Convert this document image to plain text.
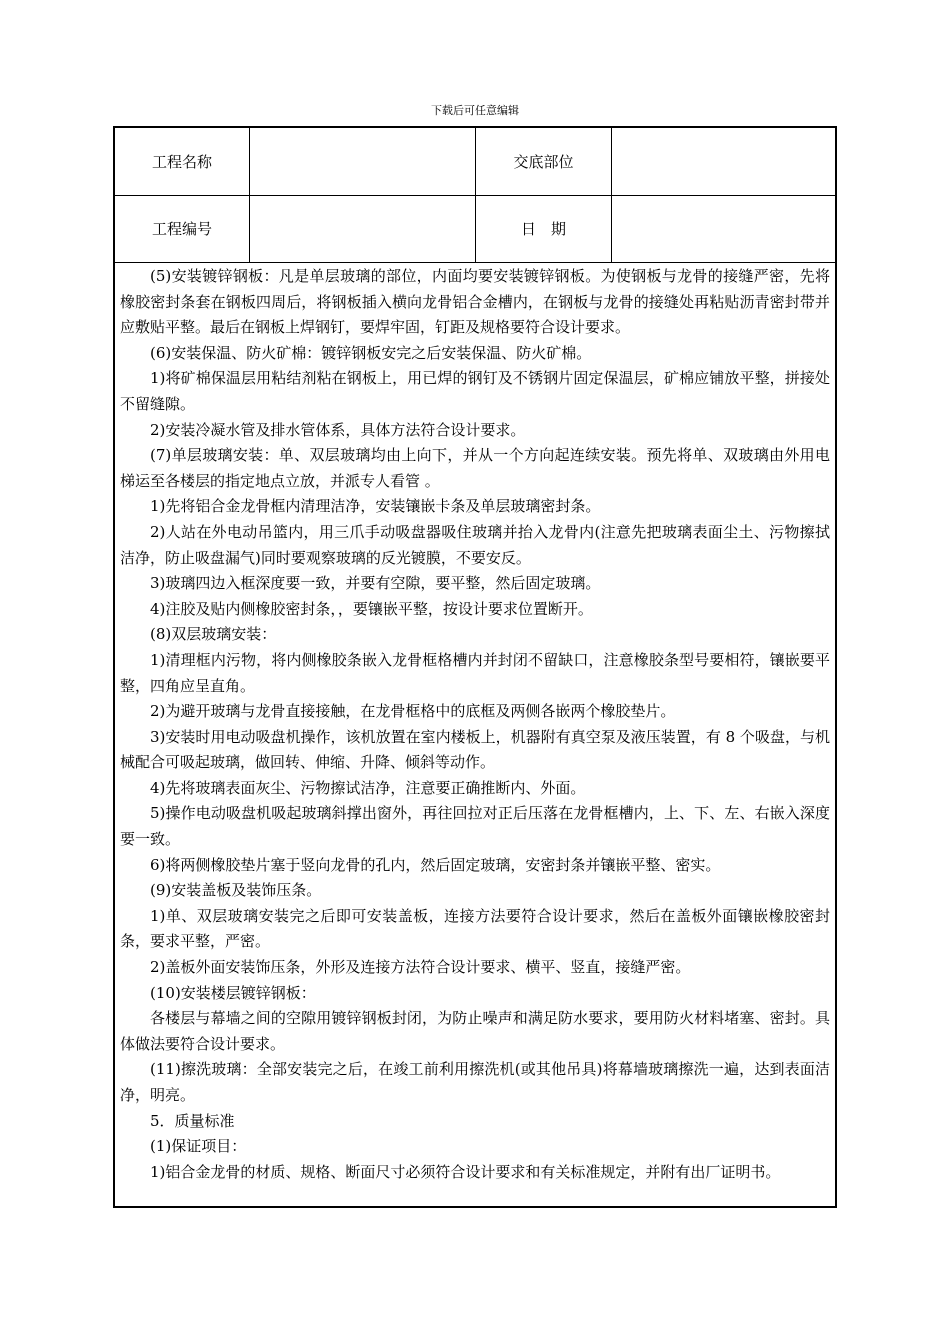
下载后可任意编辑
工程名称	交底部位
工程编号	日　期

(5)安装镀锌钢板：凡是单层玻璃的部位，内面均要安装镀锌钢板。为使钢板与龙骨的接缝严密，先将橡胶密封条套在钢板四周后，将钢板插入横向龙骨铝合金槽内，在钢板与龙骨的接缝处再粘贴沥青密封带并应敷贴平整。最后在钢板上焊钢钉，要焊牢固，钉距及规格要符合设计要求。

(6)安装保温、防火矿棉：镀锌钢板安完之后安装保温、防火矿棉。

1)将矿棉保温层用粘结剂粘在钢板上，用已焊的钢钉及不锈钢片固定保温层，矿棉应铺放平整，拼接处不留缝隙。

2)安装冷凝水管及排水管体系，具体方法符合设计要求。

(7)单层玻璃安装：单、双层玻璃均由上向下，并从一个方向起连续安装。预先将单、双玻璃由外用电梯运至各楼层的指定地点立放，并派专人看管 。

1)先将铝合金龙骨框内清理洁净，安装镶嵌卡条及单层玻璃密封条。

2)人站在外电动吊篮内，用三爪手动吸盘器吸住玻璃并抬入龙骨内(注意先把玻璃表面尘土、污物擦拭洁净，防止吸盘漏气)同时要观察玻璃的反光镀膜，不要安反。

3)玻璃四边入框深度要一致，并要有空隙，要平整，然后固定玻璃。

4)注胶及贴内侧橡胶密封条，，要镶嵌平整，按设计要求位置断开。

(8)双层玻璃安装：

1)清理框内污物，将内侧橡胶条嵌入龙骨框格槽内并封闭不留缺口，注意橡胶条型号要相符，镶嵌要平整，四角应呈直角。

2)为避开玻璃与龙骨直接接触，在龙骨框格中的底框及两侧各嵌两个橡胶垫片。

3)安装时用电动吸盘机操作，该机放置在室内楼板上，机器附有真空泵及液压装置，有 8 个吸盘，与机械配合可吸起玻璃，做回转、伸缩、升降、倾斜等动作。

4)先将玻璃表面灰尘、污物擦试洁净，注意要正确推断内、外面。

5)操作电动吸盘机吸起玻璃斜撑出窗外，再往回拉对正后压落在龙骨框槽内，上、下、左、右嵌入深度要一致。

6)将两侧橡胶垫片塞于竖向龙骨的孔内，然后固定玻璃，安密封条并镶嵌平整、密实。

(9)安装盖板及装饰压条。

1)单、双层玻璃安装完之后即可安装盖板，连接方法要符合设计要求，然后在盖板外面镶嵌橡胶密封条，要求平整，严密。

2)盖板外面安装饰压条，外形及连接方法符合设计要求、横平、竖直，接缝严密。

(10)安装楼层镀锌钢板：

各楼层与幕墙之间的空隙用镀锌钢板封闭，为防止噪声和满足防水要求，要用防火材料堵塞、密封。具体做法要符合设计要求。

(11)擦洗玻璃：全部安装完之后，在竣工前利用擦洗机(或其他吊具)将幕墙玻璃擦洗一遍，达到表面洁净，明亮。

5．质量标准

(1)保证项目：

1)铝合金龙骨的材质、规格、断面尺寸必须符合设计要求和有关标准规定，并附有出厂证明书。
